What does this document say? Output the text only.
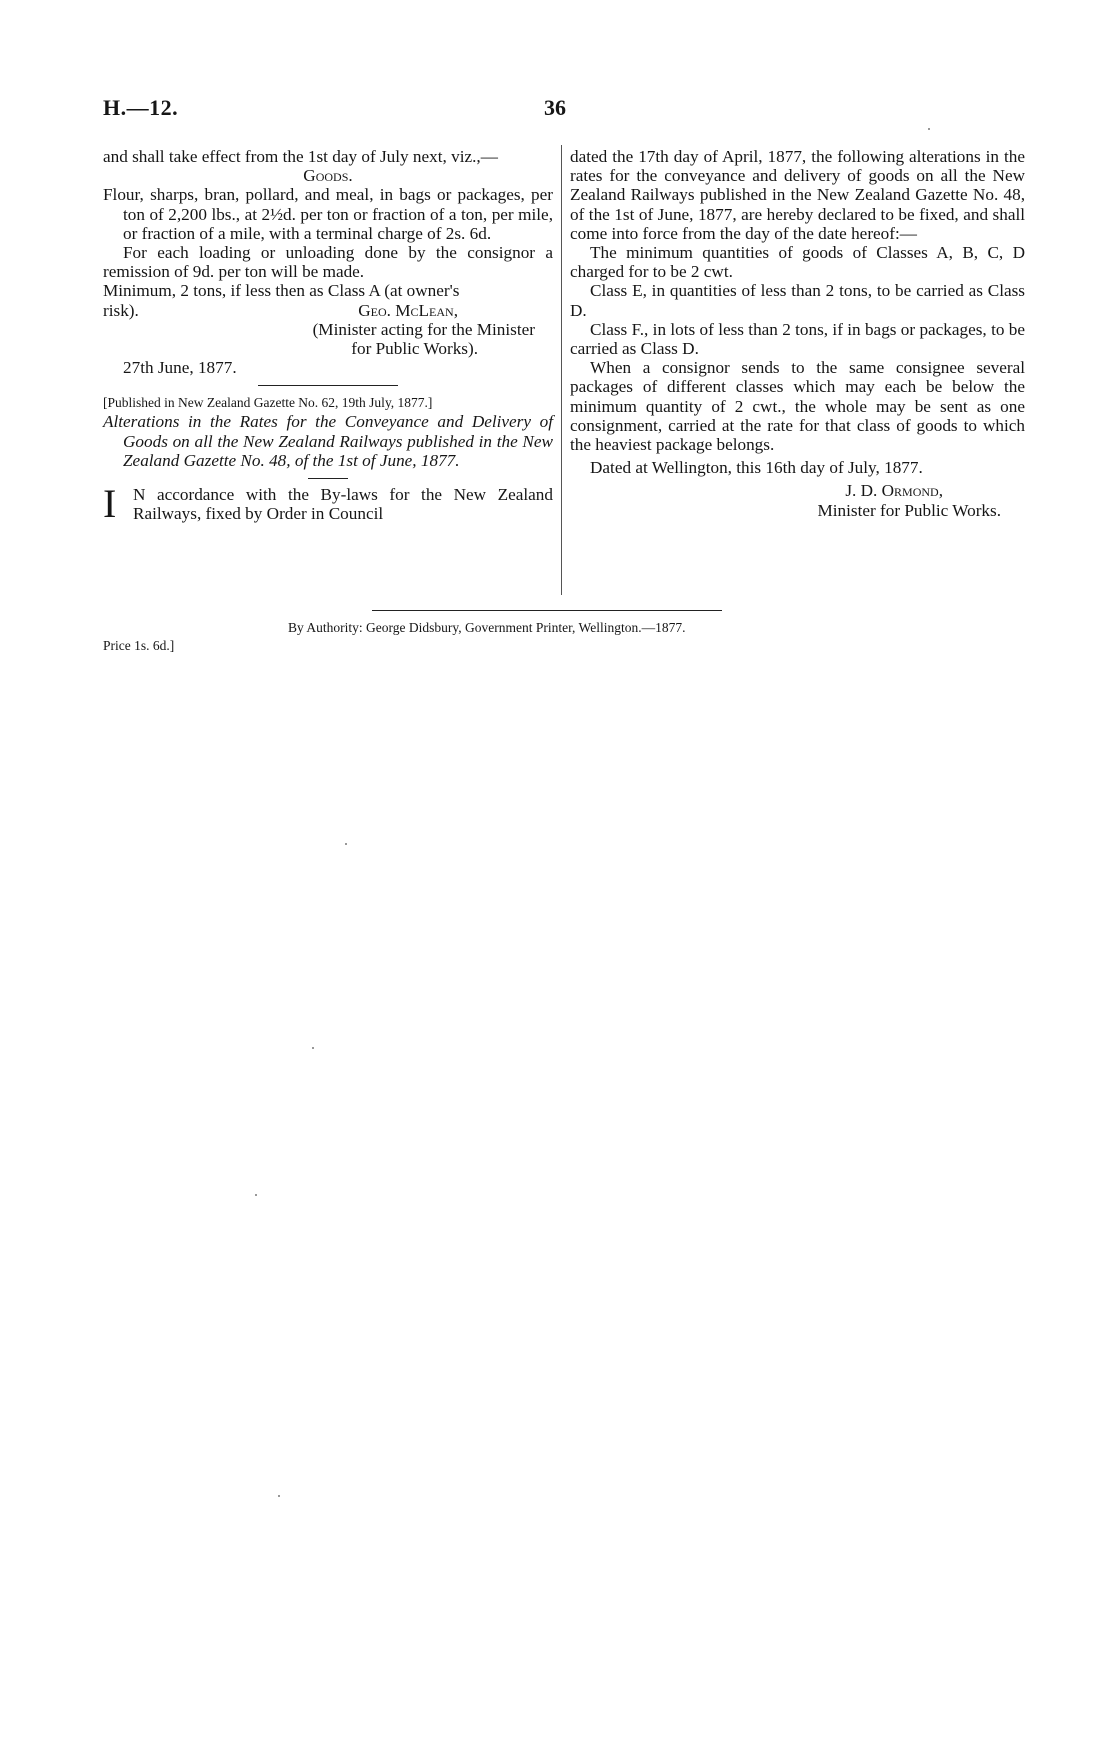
H.—12.	36

and shall take effect from the 1st day of July next, viz.,—

Goods.

Flour, sharps, bran, pollard, and meal, in bags or packages, per ton of 2,200 lbs., at 2½d. per ton or fraction of a ton, per mile, or fraction of a mile, with a terminal charge of 2s. 6d.

For each loading or unloading done by the consignor a remission of 9d. per ton will be made.

Minimum, 2 tons, if less then as Class A (at owner's

risk).	Geo. McLean,

(Minister acting for the Minister

for Public Works).

27th June, 1877.

[Published in New Zealand Gazette No. 62, 19th July, 1877.]

Alterations in the Rates for the Conveyance and Delivery of Goods on all the New Zealand Railways published in the New Zealand Gazette No. 48, of the 1st of June, 1877.

I N accordance with the By-laws for the New Zealand Railways, fixed by Order in Council

dated the 17th day of April, 1877, the following alterations in the rates for the conveyance and delivery of goods on all the New Zealand Railways published in the New Zealand Gazette No. 48, of the 1st of June, 1877, are hereby declared to be fixed, and shall come into force from the day of the date hereof:—

The minimum quantities of goods of Classes A, B, C, D charged for to be 2 cwt.

Class E, in quantities of less than 2 tons, to be carried as Class D.

Class F., in lots of less than 2 tons, if in bags or packages, to be carried as Class D.

When a consignor sends to the same consignee several packages of different classes which may each be below the minimum quantity of 2 cwt., the whole may be sent as one consignment, carried at the rate for that class of goods to which the heaviest package belongs.

Dated at Wellington, this 16th day of July, 1877.

J. D. Ormond,

Minister for Public Works.

By Authority: George Didsbury, Government Printer, Wellington.—1877.
Price 1s. 6d.]
